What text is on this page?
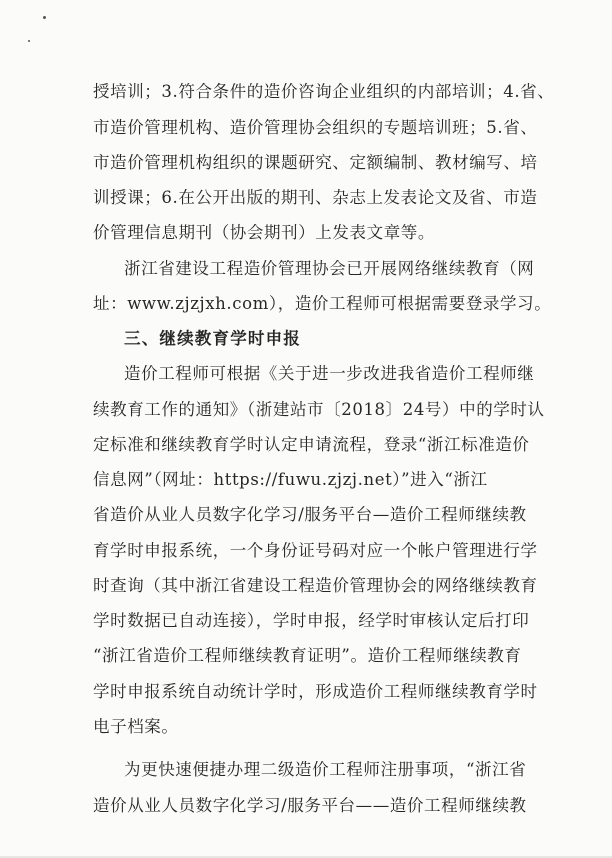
授培训；3.符合条件的造价咨询企业组织的内部培训；4.省、
市造价管理机构、造价管理协会组织的专题培训班；5.省、
市造价管理机构组织的课题研究、定额编制、教材编写、培
训授课；6.在公开出版的期刊、杂志上发表论文及省、市造
价管理信息期刊（协会期刊）上发表文章等。
浙江省建设工程造价管理协会已开展网络继续教育（网
址：www.zjzjxh.com），造价工程师可根据需要登录学习。
三、继续教育学时申报
造价工程师可根据《关于进一步改进我省造价工程师继
续教育工作的通知》（浙建站市〔2018〕24号）中的学时认
定标准和继续教育学时认定申请流程，登录“浙江标准造价
信息网”（网址：https://fuwu.zjzj.net）”进入“浙江
省造价从业人员数字化学习/服务平台—造价工程师继续教
育学时申报系统，一个身份证号码对应一个帐户管理进行学
时查询（其中浙江省建设工程造价管理协会的网络继续教育
学时数据已自动连接），学时申报，经学时审核认定后打印
“浙江省造价工程师继续教育证明”。造价工程师继续教育
学时申报系统自动统计学时，形成造价工程师继续教育学时
电子档案。
为更快速便捷办理二级造价工程师注册事项，“浙江省
造价从业人员数字化学习/服务平台——造价工程师继续教
